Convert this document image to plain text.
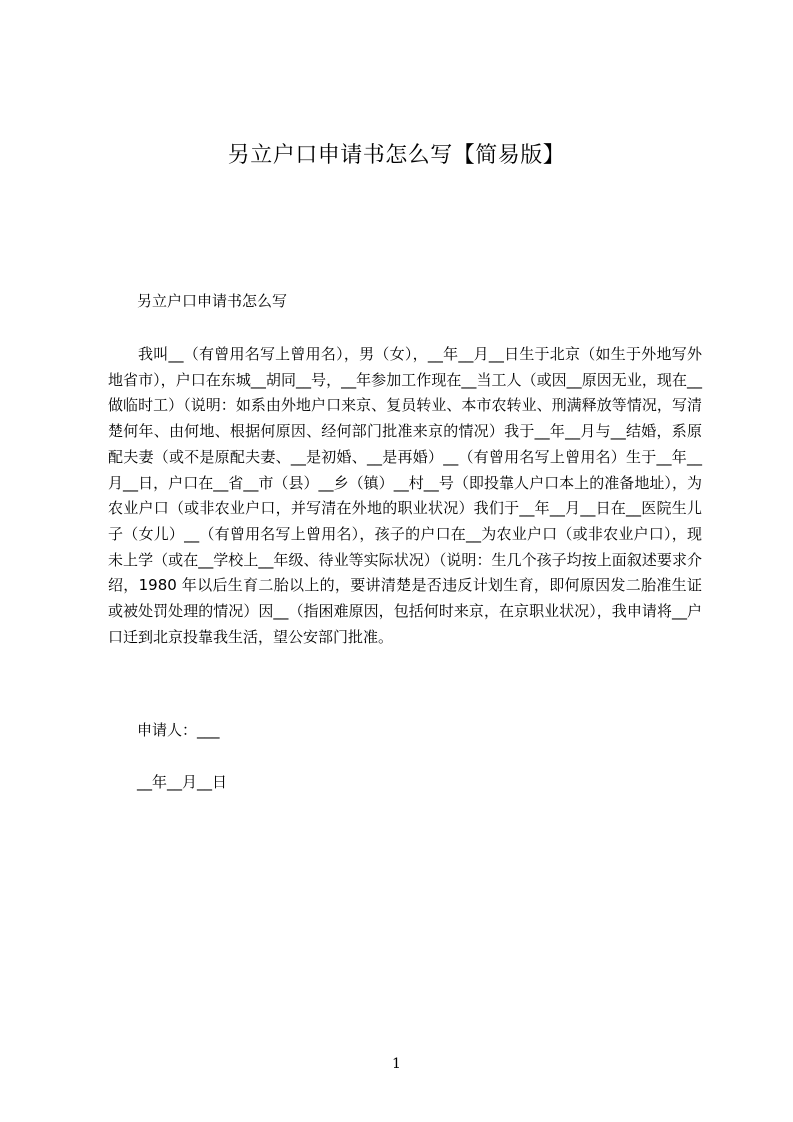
另立户口申请书怎么写【简易版】
另立户口申请书怎么写

我叫__（有曾用名写上曾用名），男（女），__年__月__日生于北京（如生于外地写外地省市），户口在东城__胡同__号，__年参加工作现在__当工人（或因__原因无业，现在__做临时工）（说明：如系由外地户口来京、复员转业、本市农转业、刑满释放等情况，写清楚何年、由何地、根据何原因、经何部门批准来京的情况）我于__年__月与__结婚，系原配夫妻（或不是原配夫妻、__是初婚、__是再婚）__（有曾用名写上曾用名）生于__年__月__日，户口在__省__市（县）__乡（镇）__村__号（即投靠人户口本上的准备地址），为农业户口（或非农业户口，并写清在外地的职业状况）我们于__年__月__日在__医院生儿子（女儿）__（有曾用名写上曾用名），孩子的户口在__为农业户口（或非农业户口），现未上学（或在__学校上__年级、待业等实际状况）（说明：生几个孩子均按上面叙述要求介绍，1980 年以后生育二胎以上的，要讲清楚是否违反计划生育，即何原因发二胎准生证或被处罚处理的情况）因__（指困难原因，包括何时来京，在京职业状况），我申请将__户口迁到北京投靠我生活，望公安部门批准。

申请人：___
__年__月__日
1
